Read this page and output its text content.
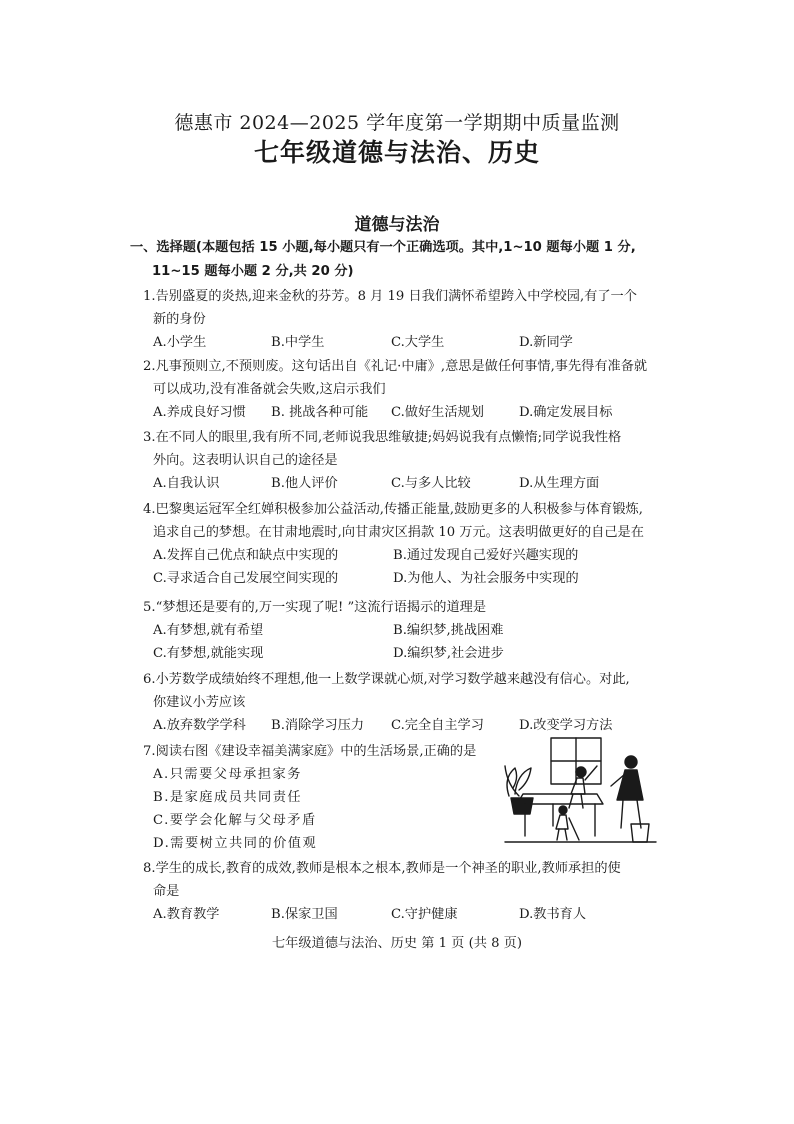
德惠市 2024—2025 学年度第一学期期中质量监测
七年级道德与法治、历史
道德与法治
一、选择题(本题包括 15 小题,每小题只有一个正确选项。其中,1~10 题每小题 1 分,
11~15 题每小题 2 分,共 20 分)
1.告别盛夏的炎热,迎来金秋的芬芳。8 月 19 日我们满怀希望跨入中学校园,有了一个
新的身份
A.小学生	B.中学生	C.大学生	D.新同学
2.凡事预则立,不预则废。这句话出自《礼记·中庸》,意思是做任何事情,事先得有准备就
可以成功,没有准备就会失败,这启示我们
A.养成良好习惯	B. 挑战各种可能	C.做好生活规划	D.确定发展目标
3.在不同人的眼里,我有所不同,老师说我思维敏捷;妈妈说我有点懒惰;同学说我性格
外向。这表明认识自己的途径是
A.自我认识	B.他人评价	C.与多人比较	D.从生理方面
4.巴黎奥运冠军全红婵积极参加公益活动,传播正能量,鼓励更多的人积极参与体育锻炼,
追求自己的梦想。在甘肃地震时,向甘肃灾区捐款 10 万元。这表明做更好的自己是在
A.发挥自己优点和缺点中实现的	B.通过发现自己爱好兴趣实现的
C.寻求适合自己发展空间实现的	D.为他人、为社会服务中实现的
5.“梦想还是要有的,万一实现了呢! ”这流行语揭示的道理是
A.有梦想,就有希望	B.编织梦,挑战困难
C.有梦想,就能实现	D.编织梦,社会进步
6.小芳数学成绩始终不理想,他一上数学课就心烦,对学习数学越来越没有信心。对此,
你建议小芳应该
A.放弃数学学科	B.消除学习压力	C.完全自主学习	D.改变学习方法
7.阅读右图《建设幸福美满家庭》中的生活场景,正确的是
A.只需要父母承担家务
B.是家庭成员共同责任
C.要学会化解与父母矛盾
D.需要树立共同的价值观
8.学生的成长,教育的成效,教师是根本之根本,教师是一个神圣的职业,教师承担的使
命是
A.教育教学	B.保家卫国	C.守护健康	D.教书育人
七年级道德与法治、历史 第 1 页 (共 8 页)
